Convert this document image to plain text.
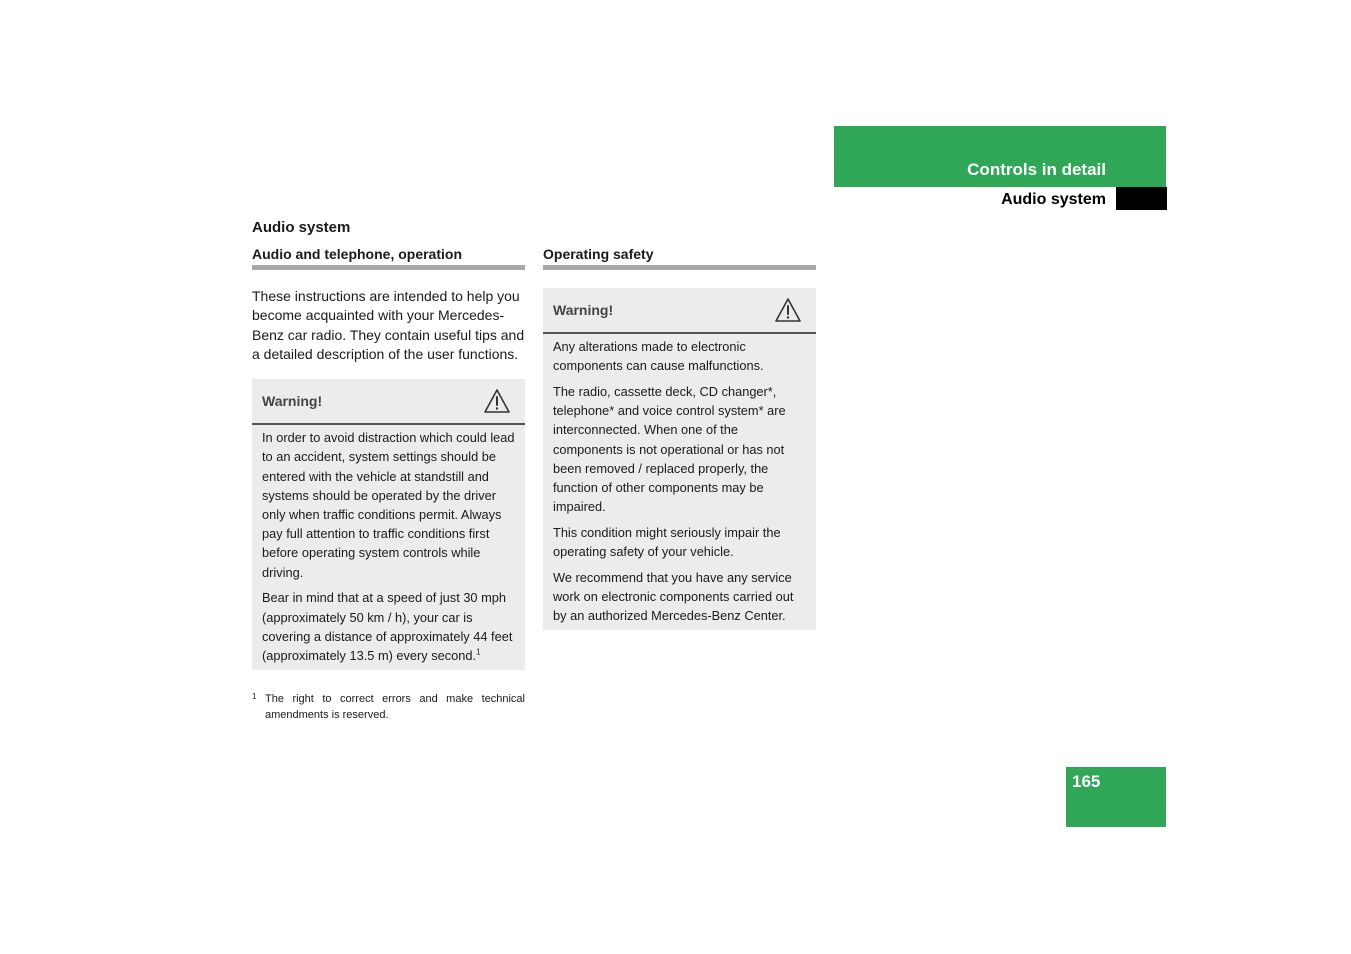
Controls in detail
Audio system
Audio system
Audio and telephone, operation
These instructions are intended to help you become acquainted with your Mercedes-Benz car radio. They contain useful tips and a detailed description of the user functions.
Warning!

In order to avoid distraction which could lead to an accident, system settings should be entered with the vehicle at standstill and systems should be operated by the driver only when traffic conditions permit. Always pay full attention to traffic conditions first before operating system controls while driving.

Bear in mind that at a speed of just 30 mph (approximately 50 km / h), your car is covering a distance of approximately 44 feet (approximately 13.5 m) every second.$^1$

1 The right to correct errors and make technical amendments is reserved.
Operating safety
Warning!

Any alterations made to electronic components can cause malfunctions.

The radio, cassette deck, CD changer*, telephone* and voice control system* are interconnected. When one of the components is not operational or has not been removed / replaced properly, the function of other components may be impaired.

This condition might seriously impair the operating safety of your vehicle.

We recommend that you have any service work on electronic components carried out by an authorized Mercedes-Benz Center.

165
